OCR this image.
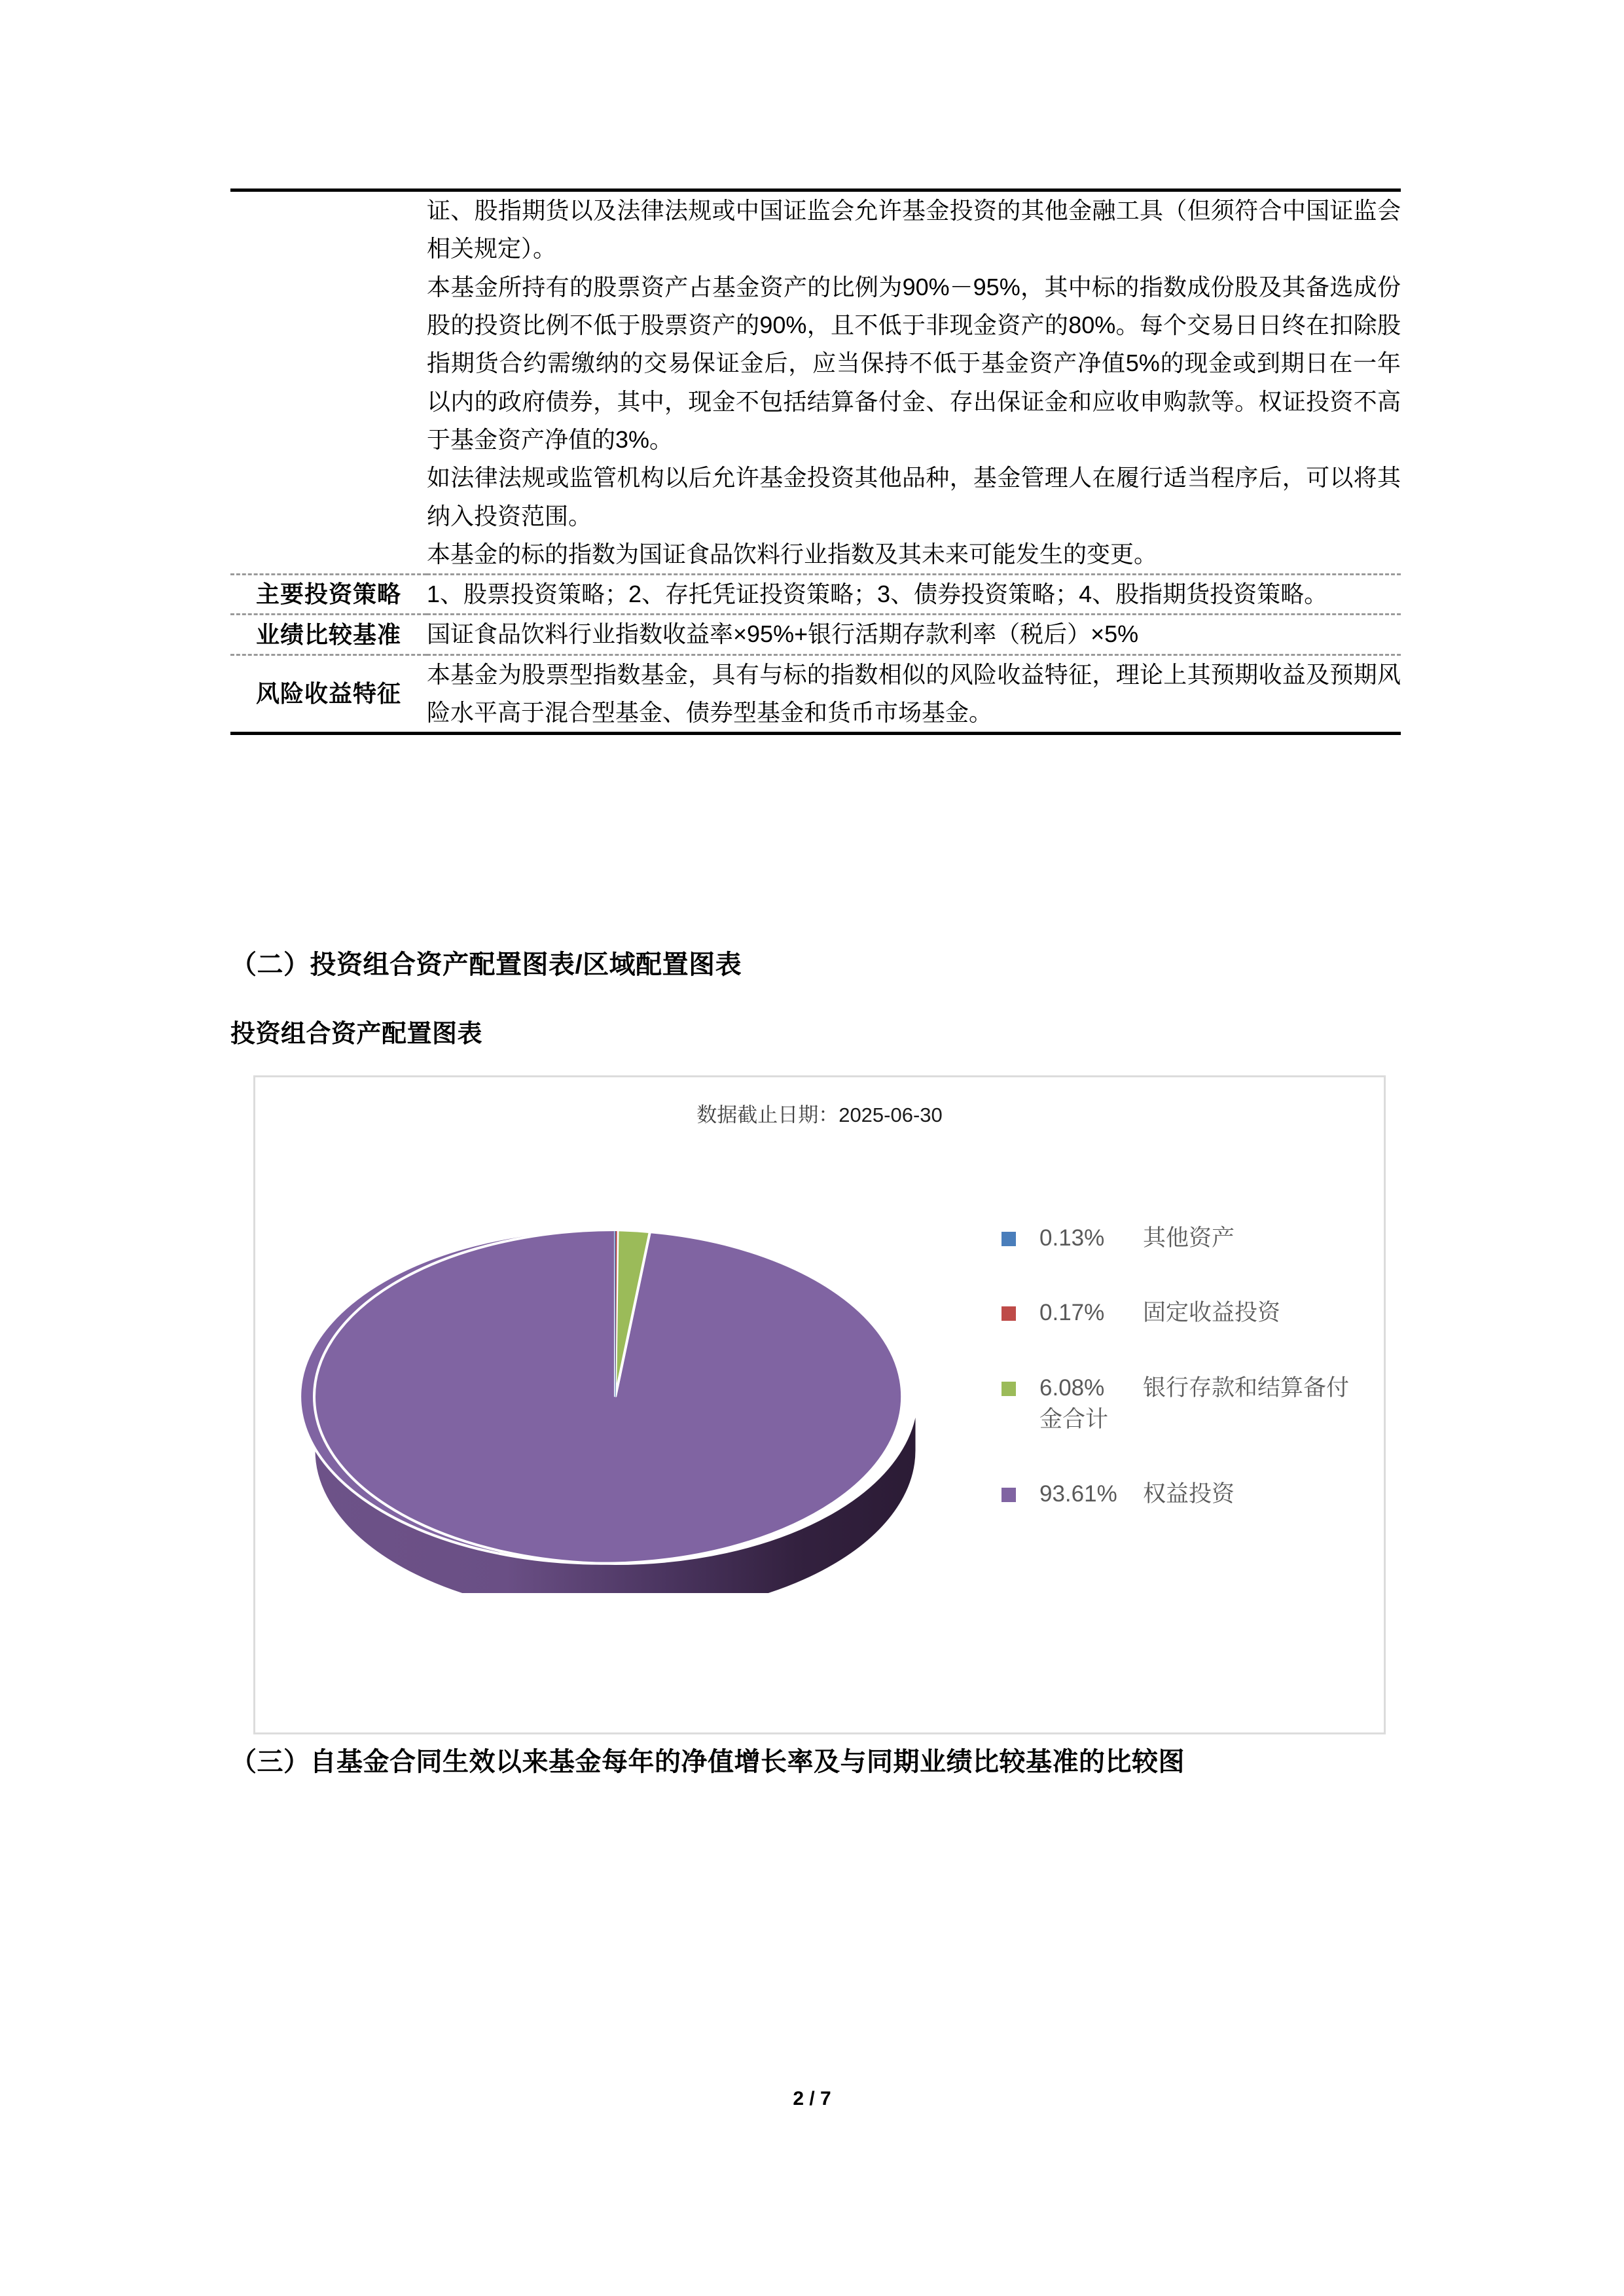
	证、股指期货以及法律法规或中国证监会允许基金投资的其他金融工具（但须符合中国证监会相关规定）。

本基金所持有的股票资产占基金资产的比例为90%－95%，其中标的指数成份股及其备选成份股的投资比例不低于股票资产的90%，且不低于非现金资产的80%。每个交易日日终在扣除股指期货合约需缴纳的交易保证金后，应当保持不低于基金资产净值5%的现金或到期日在一年以内的政府债券，其中，现金不包括结算备付金、存出保证金和应收申购款等。权证投资不高于基金资产净值的3%。

如法律法规或监管机构以后允许基金投资其他品种，基金管理人在履行适当程序后，可以将其纳入投资范围。

本基金的标的指数为国证食品饮料行业指数及其未来可能发生的变更。

主要投资策略	1、股票投资策略；2、存托凭证投资策略；3、债券投资策略；4、股指期货投资策略。

业绩比较基准	国证食品饮料行业指数收益率×95%+银行活期存款利率（税后）×5%

风险收益特征	本基金为股票型指数基金，具有与标的指数相似的风险收益特征，理论上其预期收益及预期风险水平高于混合型基金、债券型基金和货币市场基金。

（二）投资组合资产配置图表/区域配置图表
投资组合资产配置图表
数据截止日期：2025-06-30
0.13% 其他资产
0.17% 固定收益投资
6.08% 银行存款和结算备付金合计
93.61% 权益投资
（三）自基金合同生效以来基金每年的净值增长率及与同期业绩比较基准的比较图
2 / 7
